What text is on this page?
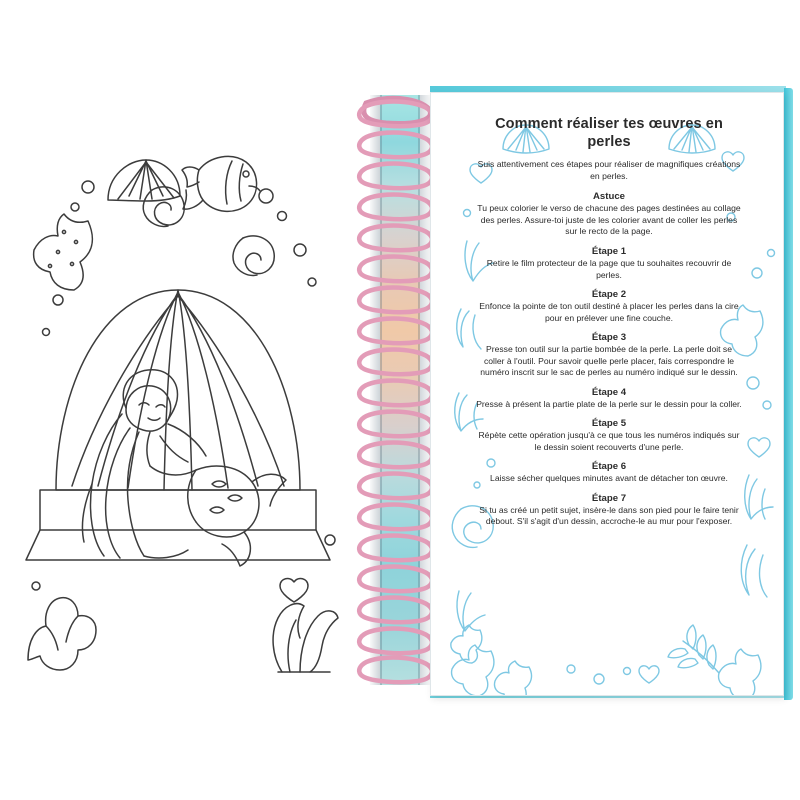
Comment réaliser tes œuvres en perles
Suis attentivement ces étapes pour réaliser de magnifiques créations en perles.
Astuce
Tu peux colorier le verso de chacune des pages destinées au collage des perles. Assure-toi juste de les colorier avant de coller les perles sur le recto de la page.
Étape 1
Retire le film protecteur de la page que tu souhaites recouvrir de perles.
Étape 2
Enfonce la pointe de ton outil destiné à placer les perles dans la cire pour en prélever une fine couche.
Étape 3
Presse ton outil sur la partie bombée de la perle. La perle doit se coller à l'outil. Pour savoir quelle perle placer, fais correspondre le numéro inscrit sur le sac de perles au numéro indiqué sur le dessin.
Étape 4
Presse à présent la partie plate de la perle sur le dessin pour la coller.
Étape 5
Répète cette opération jusqu'à ce que tous les numéros indiqués sur le dessin soient recouverts d'une perle.
Étape 6
Laisse sécher quelques minutes avant de détacher ton œuvre.
Étape 7
Si tu as créé un petit sujet, insère-le dans son pied pour le faire tenir debout. S'il s'agit d'un dessin, accroche-le au mur pour l'exposer.
